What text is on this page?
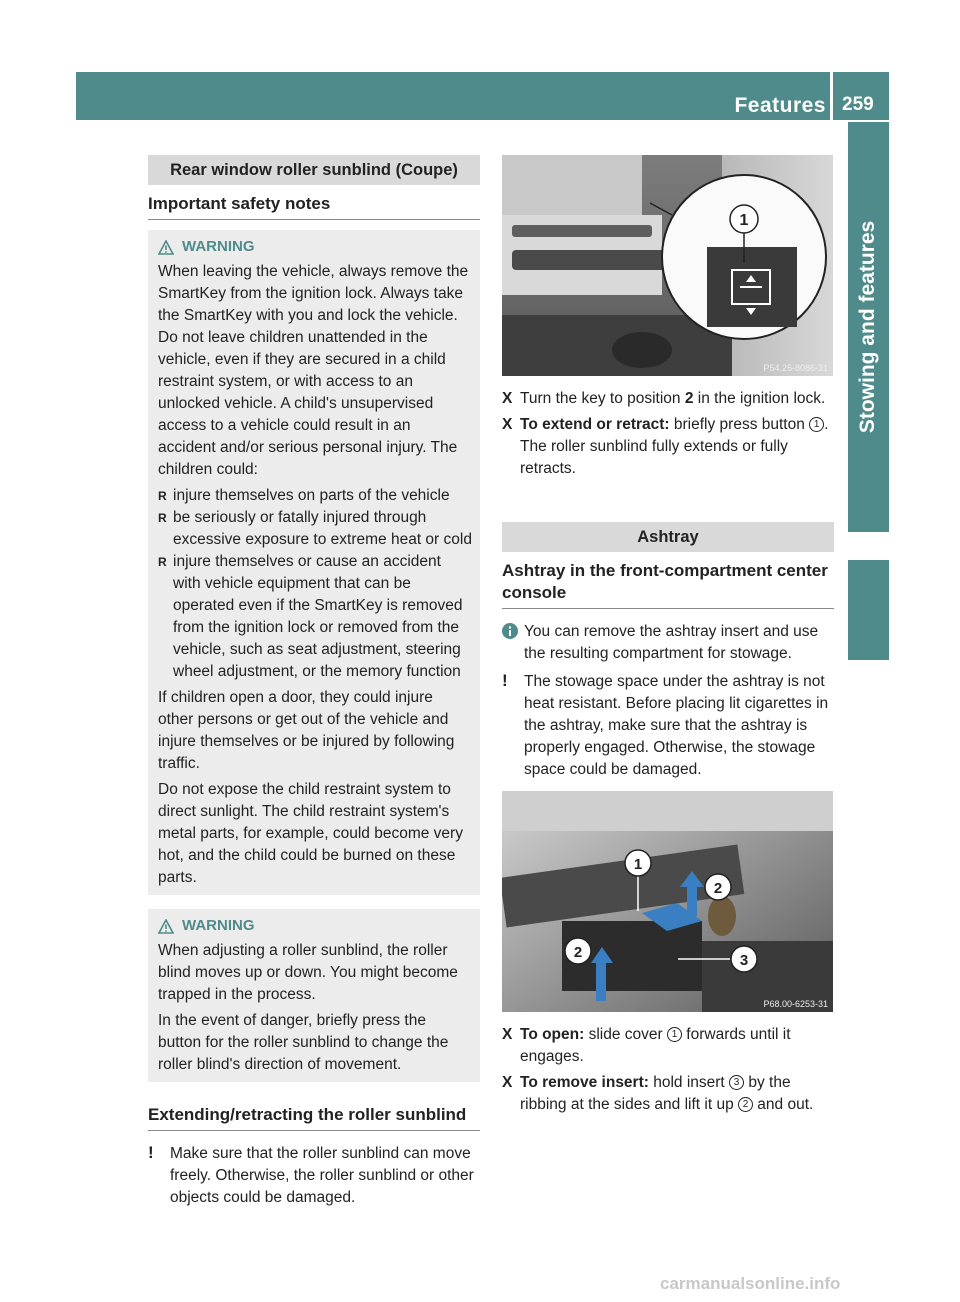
Features 259
Stowing and features
Rear window roller sunblind (Coupe)
Important safety notes
WARNING

When leaving the vehicle, always remove the SmartKey from the ignition lock. Always take the SmartKey with you and lock the vehicle. Do not leave children unattended in the vehicle, even if they are secured in a child restraint system, or with access to an unlocked vehicle. A child's unsupervised access to a vehicle could result in an accident and/or serious personal injury. The children could:

R injure themselves on parts of the vehicle
R be seriously or fatally injured through excessive exposure to extreme heat or cold
R injure themselves or cause an accident with vehicle equipment that can be operated even if the SmartKey is removed from the ignition lock or removed from the vehicle, such as seat adjustment, steering wheel adjustment, or the memory function

If children open a door, they could injure other persons or get out of the vehicle and injure themselves or be injured by following traffic.

Do not expose the child restraint system to direct sunlight. The child restraint system's metal parts, for example, could become very hot, and the child could be burned on these parts.

WARNING

When adjusting a roller sunblind, the roller blind moves up or down. You might become trapped in the process.

In the event of danger, briefly press the button for the roller sunblind to change the roller blind's direction of movement.

Extending/retracting the roller sunblind
! Make sure that the roller sunblind can move freely. Otherwise, the roller sunblind or other objects could be damaged.
1
P54.25-8086-31
X Turn the key to position 2 in the ignition lock.
X To extend or retract: briefly press button 1 .
The roller sunblind fully extends or fully retracts.
Ashtray
Ashtray in the front-compartment center console
You can remove the ashtray insert and use the resulting compartment for stowage.
! The stowage space under the ashtray is not heat resistant. Before placing lit cigarettes in the ashtray, make sure that the ashtray is properly engaged. Otherwise, the stowage space could be damaged.
1
2
2	3
P68.00-6253-31
X To open: slide cover 1 forwards until it engages.
X To remove insert: hold insert 3 by the ribbing at the sides and lift it up 2 and out.
carmanualsonline.info
